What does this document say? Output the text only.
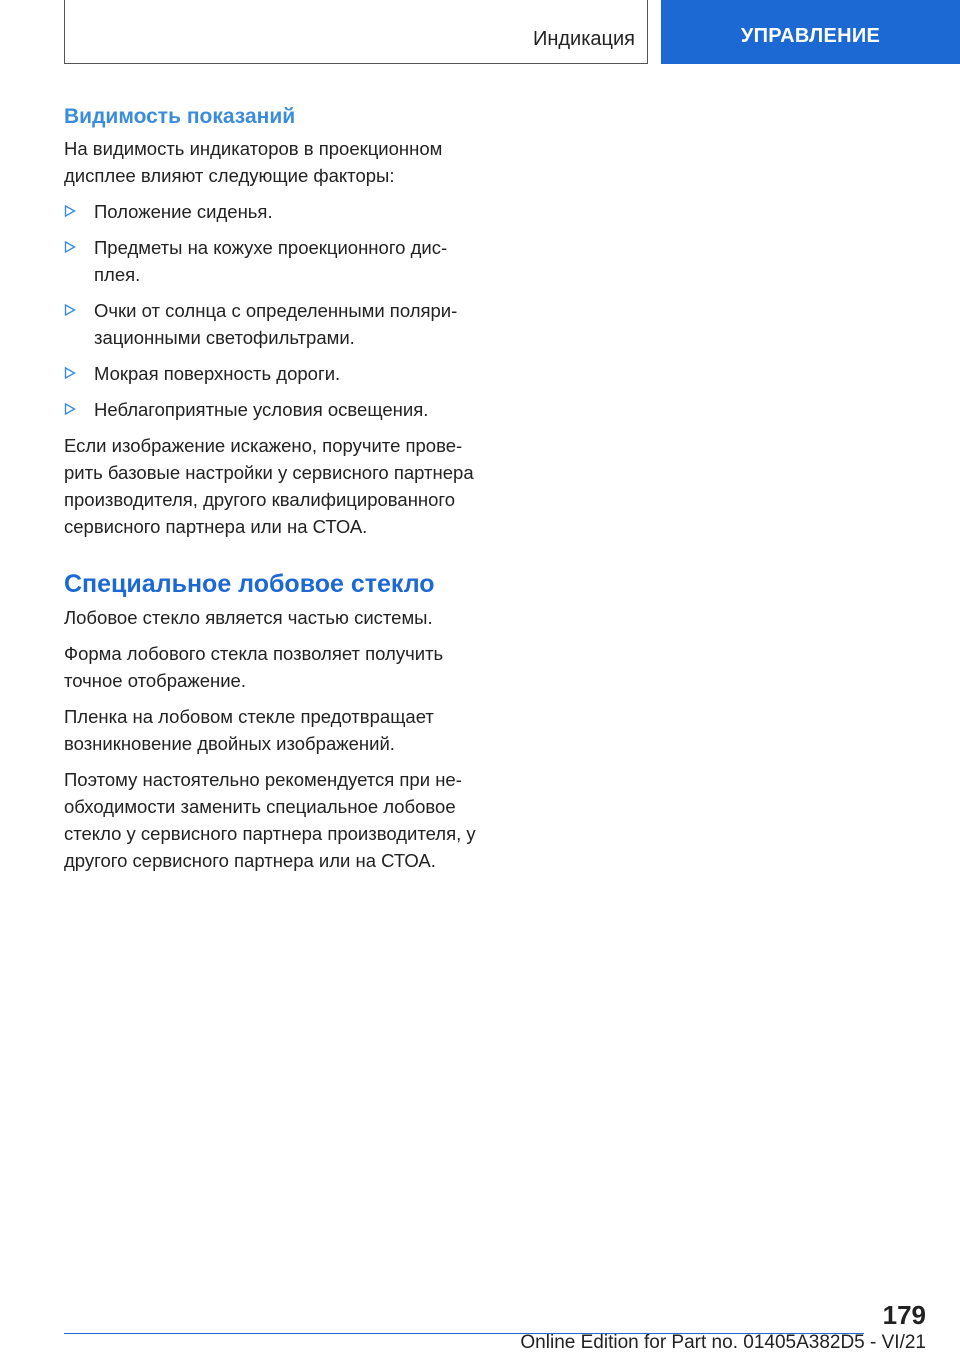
Индикация	УПРАВЛЕНИЕ
Видимость показаний

На видимость индикаторов в проекционном дисплее влияют следующие факторы:

Положение сиденья.
Предметы на кожухе проекционного дисплея.
Очки от солнца с определенными поляризационными светофильтрами.
Мокрая поверхность дороги.
Неблагоприятные условия освещения.

Если изображение искажено, поручите проверить базовые настройки у сервисного партнера производителя, другого квалифицированного сервисного партнера или на СТОА.

Специальное лобовое стекло

Лобовое стекло является частью системы.

Форма лобового стекла позволяет получить точное отображение.

Пленка на лобовом стекле предотвращает возникновение двойных изображений.

Поэтому настоятельно рекомендуется при необходимости заменить специальное лобовое стекло у сервисного партнера производителя, у другого сервисного партнера или на СТОА.

179
Online Edition for Part no. 01405A382D5 - VI/21
